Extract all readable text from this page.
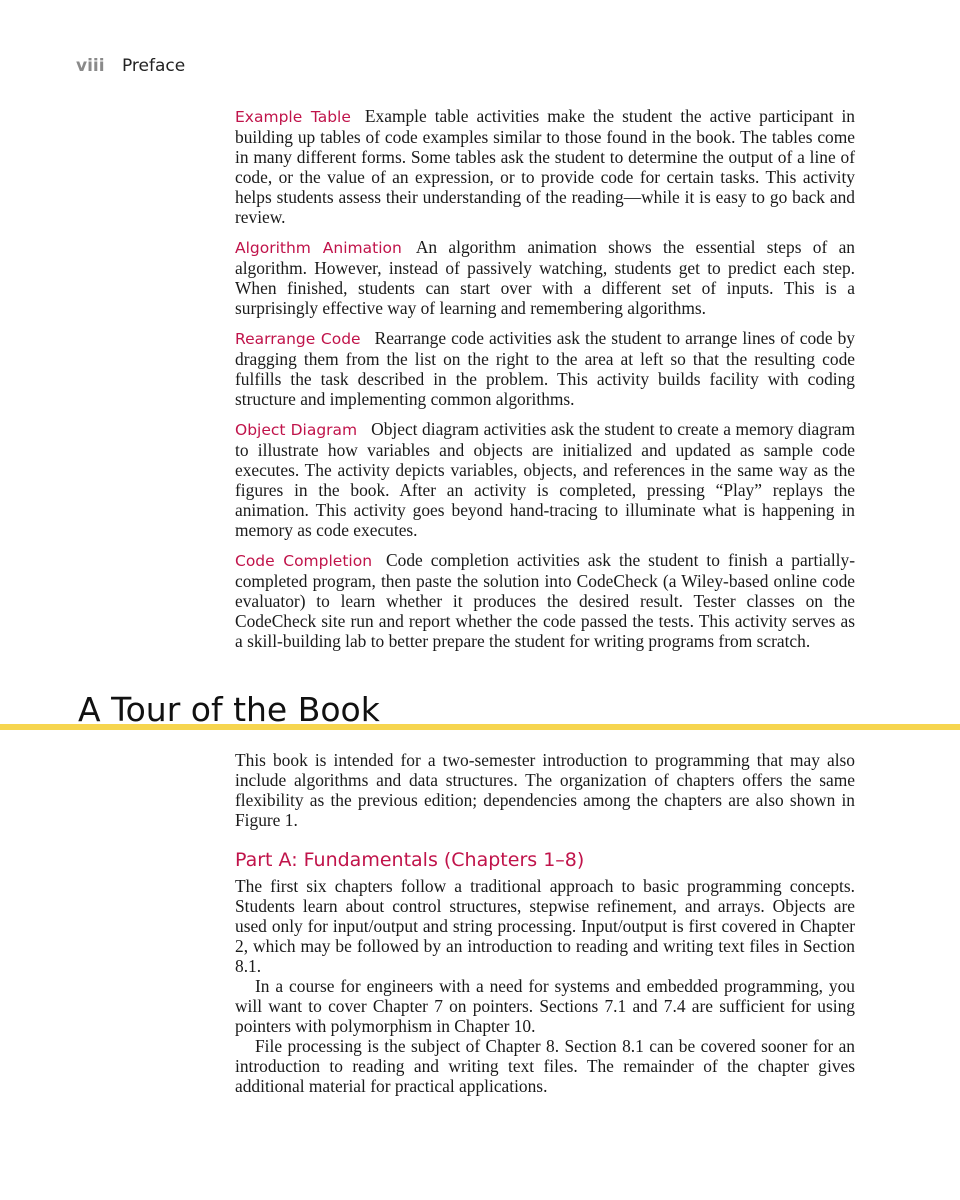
viii Preface

Example Table Example table activities make the student the active participant in building up tables of code examples similar to those found in the book. The tables come in many different forms. Some tables ask the student to determine the output of a line of code, or the value of an expression, or to provide code for certain tasks. This activity helps students assess their understanding of the reading—while it is easy to go back and review.

Algorithm Animation An algorithm animation shows the essential steps of an algorithm. However, instead of passively watching, students get to predict each step. When finished, students can start over with a different set of inputs. This is a surprisingly effective way of learning and remembering algorithms.

Rearrange Code Rearrange code activities ask the student to arrange lines of code by dragging them from the list on the right to the area at left so that the resulting code fulfills the task described in the problem. This activity builds facility with coding structure and implementing common algorithms.

Object Diagram Object diagram activities ask the student to create a memory diagram to illustrate how variables and objects are initialized and updated as sample code executes. The activity depicts variables, objects, and references in the same way as the figures in the book. After an activity is completed, pressing “Play” replays the animation. This activity goes beyond hand-tracing to illuminate what is happening in memory as code executes.

Code Completion Code completion activities ask the student to finish a partially-completed program, then paste the solution into CodeCheck (a Wiley-based online code evaluator) to learn whether it produces the desired result. Tester classes on the CodeCheck site run and report whether the code passed the tests. This activity serves as a skill-building lab to better prepare the student for writing programs from scratch.

A Tour of the Book

This book is intended for a two-semester introduction to programming that may also include algorithms and data structures. The organization of chapters offers the same flexibility as the previous edition; dependencies among the chapters are also shown in Figure 1.

Part A: Fundamentals (Chapters 1–8)

The first six chapters follow a traditional approach to basic programming concepts. Students learn about control structures, stepwise refinement, and arrays. Objects are used only for input/output and string processing. Input/output is first covered in Chapter 2, which may be followed by an introduction to reading and writing text files in Section 8.1.

In a course for engineers with a need for systems and embedded programming, you will want to cover Chapter 7 on pointers. Sections 7.1 and 7.4 are sufficient for using pointers with polymorphism in Chapter 10.

File processing is the subject of Chapter 8. Section 8.1 can be covered sooner for an introduction to reading and writing text files. The remainder of the chapter gives additional material for practical applications.
